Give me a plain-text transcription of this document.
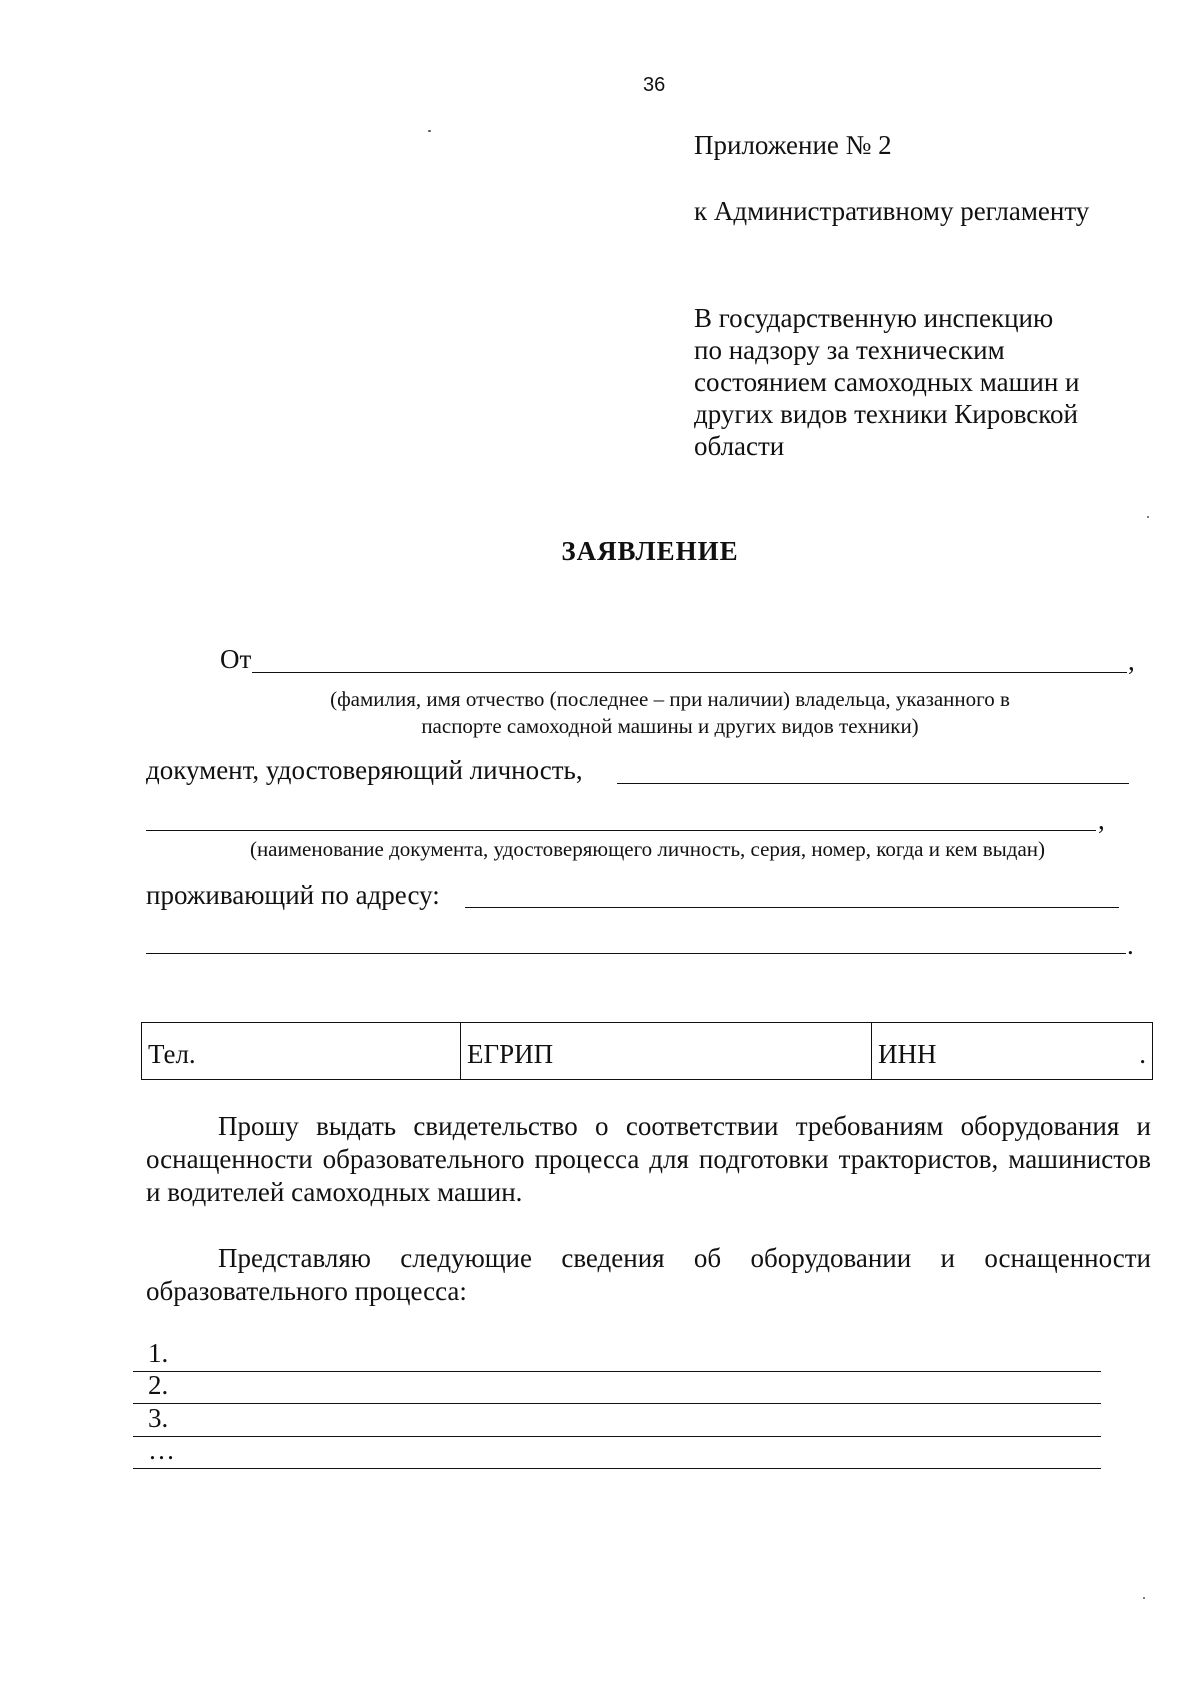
36
Приложение № 2
к Административному регламенту
В государственную инспекцию
по надзору за техническим
состоянием самоходных машин и
других видов техники Кировской
области
ЗАЯВЛЕНИЕ
От	,
(фамилия, имя отчество (последнее – при наличии) владельца, указанного в
паспорте самоходной машины и других видов техники)
документ, удостоверяющий личность,
,
(наименование документа, удостоверяющего личность, серия, номер, когда и кем выдан)
проживающий по адресу:
.
Тел.	ЕГРИП	ИНН	.
Прошу выдать свидетельство о соответствии требованиям оборудования и оснащенности образовательного процесса для подготовки трактористов, машинистов и водителей самоходных машин.
Представляю следующие сведения об оборудовании и оснащенности образовательного процесса:
1.
2.
3.
…
